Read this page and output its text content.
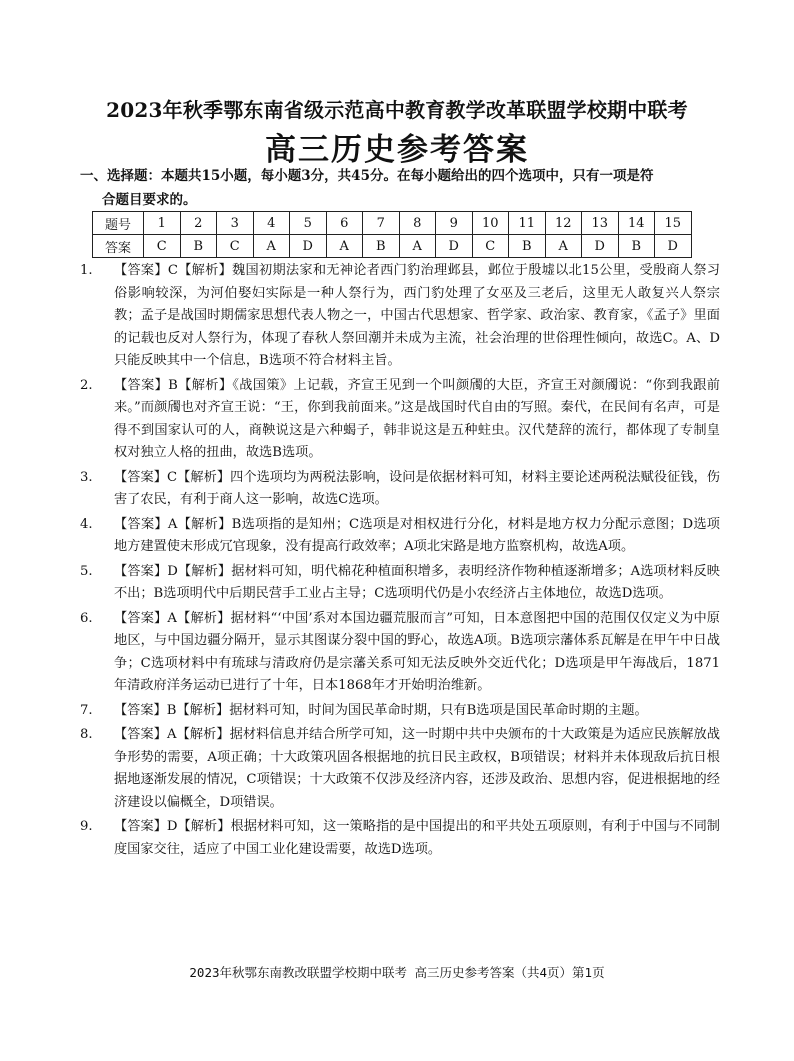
2023年秋季鄂东南省级示范高中教育教学改革联盟学校期中联考
高三历史参考答案
一、选择题：本题共15小题，每小题3分，共45分。在每小题给出的四个选项中，只有一项是符
合题目要求的。
题号	1	2	3	4	5	6	7	8	9	10	11	12	13	14	15
答案	C	B	C	A	D	A	B	A	D	C	B	A	D	B	D
1.	【答案】C【解析】魏国初期法家和无神论者西门豹治理邺县，邺位于殷墟以北15公里，受殷商人祭习俗影响较深，为河伯娶妇实际是一种人祭行为，西门豹处理了女巫及三老后，这里无人敢复兴人祭宗教；孟子是战国时期儒家思想代表人物之一，中国古代思想家、哲学家、政治家、教育家，《孟子》里面的记载也反对人祭行为，体现了春秋人祭回潮并未成为主流，社会治理的世俗理性倾向，故选C。A、D只能反映其中一个信息，B选项不符合材料主旨。
2.	【答案】B【解析】《战国策》上记载，齐宣王见到一个叫颜斶的大臣，齐宣王对颜斶说：“你到我跟前来。”而颜斶也对齐宣王说：“王，你到我前面来。”这是战国时代自由的写照。秦代，在民间有名声，可是得不到国家认可的人，商鞅说这是六种蝎子，韩非说这是五种蛀虫。汉代楚辞的流行，都体现了专制皇权对独立人格的扭曲，故选B选项。
3.	【答案】C【解析】四个选项均为两税法影响，设问是依据材料可知，材料主要论述两税法赋役征钱，伤害了农民，有利于商人这一影响，故选C选项。
4.	【答案】A【解析】B选项指的是知州；C选项是对相权进行分化，材料是地方权力分配示意图；D选项地方建置使末形成冗官现象，没有提高行政效率；A项北宋路是地方监察机构，故选A项。
5.	【答案】D【解析】据材料可知，明代棉花种植面积增多，表明经济作物种植逐渐增多；A选项材料反映不出；B选项明代中后期民营手工业占主导；C选项明代仍是小农经济占主体地位，故选D选项。
6.	【答案】A【解析】据材料“‘中国’系对本国边疆荒服而言”可知，日本意图把中国的范围仅仅定义为中原地区，与中国边疆分隔开，显示其图谋分裂中国的野心，故选A项。B选项宗藩体系瓦解是在甲午中日战争；C选项材料中有琉球与清政府仍是宗藩关系可知无法反映外交近代化；D选项是甲午海战后，1871年清政府洋务运动已进行了十年，日本1868年才开始明治维新。
7.	【答案】B【解析】据材料可知，时间为国民革命时期，只有B选项是国民革命时期的主题。
8.	【答案】A【解析】据材料信息并结合所学可知，这一时期中共中央颁布的十大政策是为适应民族解放战争形势的需要，A项正确；十大政策巩固各根据地的抗日民主政权，B项错误；材料并未体现敌后抗日根据地逐渐发展的情况，C项错误；十大政策不仅涉及经济内容，还涉及政治、思想内容，促进根据地的经济建设以偏概全，D项错误。
9.	【答案】D【解析】根据材料可知，这一策略指的是中国提出的和平共处五项原则，有利于中国与不同制度国家交往，适应了中国工业化建设需要，故选D选项。
2023年秋鄂东南教改联盟学校期中联考 高三历史参考答案（共4页）第1页
